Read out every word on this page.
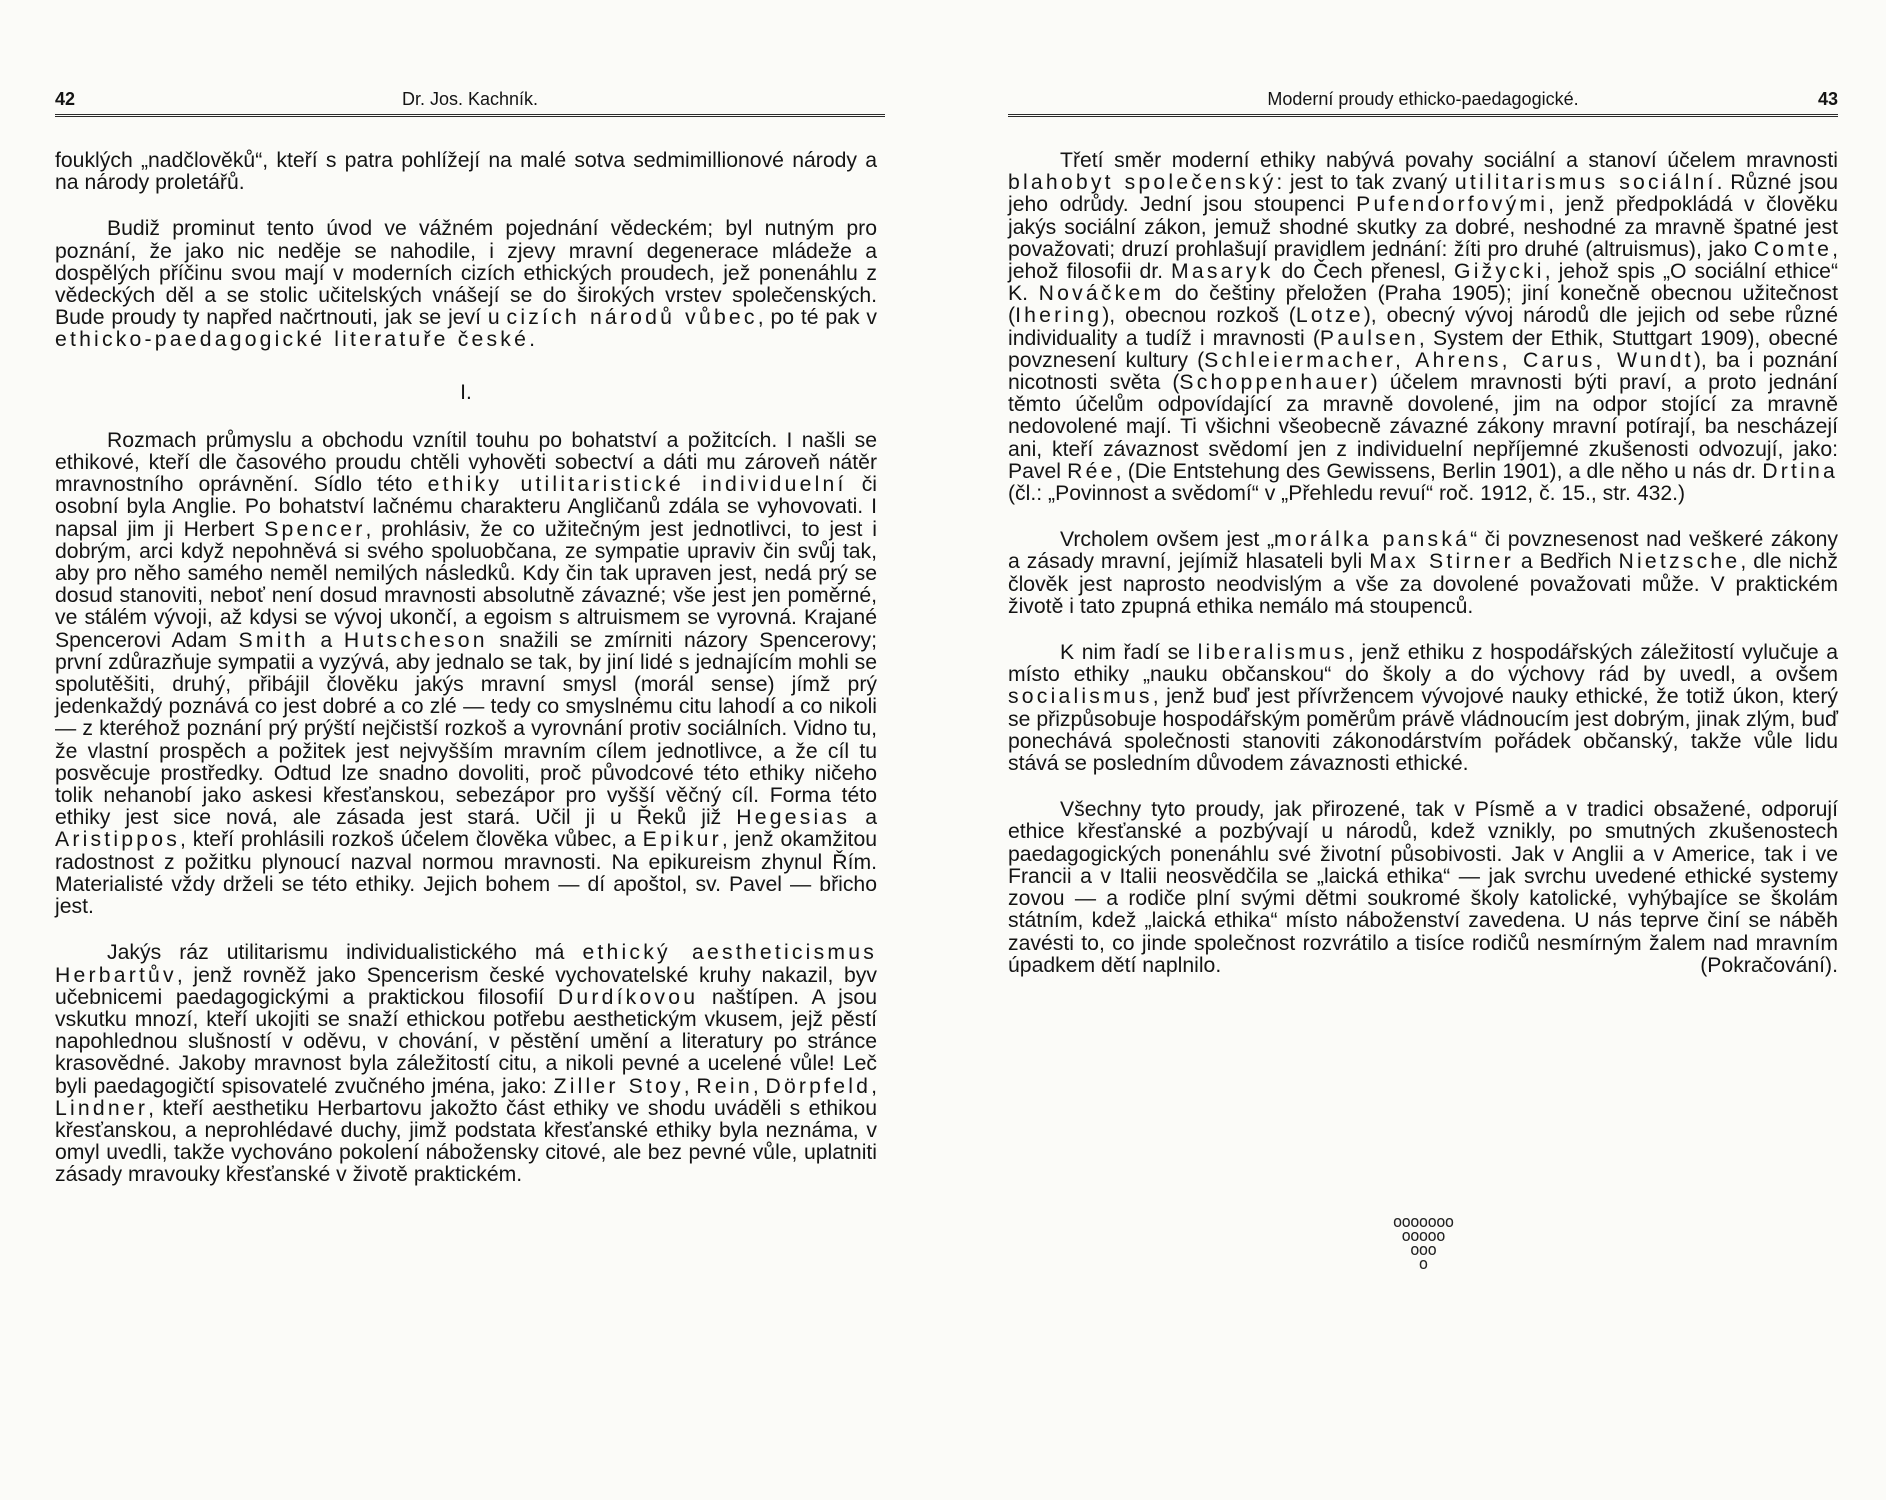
42	Dr. Jos. Kachník.

fouklých „nadčlověků“, kteří s patra pohlížejí na malé sotva sedmimillionové národy a na národy proletářů.

Budiž prominut tento úvod ve vážném pojednání vědeckém; byl nutným pro poznání, že jako nic neděje se nahodile, i zjevy mravní degenerace mládeže a dospělých příčinu svou mají v moderních cizích ethických proudech, jež ponenáhlu z vědeckých děl a se stolic učitelských vnášejí se do širokých vrstev společenských. Bude proudy ty napřed načrtnouti, jak se jeví u cizích národů vůbec, po té pak v ethicko-paedagogické literatuře české.

I.

Rozmach průmyslu a obchodu vznítil touhu po bohatství a požitcích. I našli se ethikové, kteří dle časového proudu chtěli vyhověti sobectví a dáti mu zároveň nátěr mravnostního oprávnění. Sídlo této ethiky utilitaristické individuelní či osobní byla Anglie. Po bohatství lačnému charakteru Angličanů zdála se vyhovovati. I napsal jim ji Herbert Spencer, prohlásiv, že co užitečným jest jednotlivci, to jest i dobrým, arci když nepohněvá si svého spoluobčana, ze sympatie upraviv čin svůj tak, aby pro něho samého neměl nemilých následků. Kdy čin tak upraven jest, nedá prý se dosud stanoviti, neboť není dosud mravnosti absolutně závazné; vše jest jen poměrné, ve stálém vývoji, až kdysi se vývoj ukončí, a egoism s altruismem se vyrovná. Krajané Spencerovi Adam Smith a Hutscheson snažili se zmírniti názory Spencerovy; první zdůrazňuje sympatii a vyzývá, aby jednalo se tak, by jiní lidé s jednajícím mohli se spolutěšiti, druhý, přibájil člověku jakýs mravní smysl (morál sense) jímž prý jedenkaždý poznává co jest dobré a co zlé — tedy co smyslnému citu lahodí a co nikoli — z kteréhož poznání prý prýští nejčistší rozkoš a vyrovnání protiv sociálních. Vidno tu, že vlastní prospěch a požitek jest nejvyšším mravním cílem jednotlivce, a že cíl tu posvěcuje prostředky. Odtud lze snadno dovoliti, proč původcové této ethiky ničeho tolik nehanobí jako askesi křesťanskou, sebezápor pro vyšší věčný cíl. Forma této ethiky jest sice nová, ale zásada jest stará. Učil ji u Řeků již Hegesias a Aristippos, kteří prohlásili rozkoš účelem člověka vůbec, a Epikur, jenž okamžitou radostnost z požitku plynoucí nazval normou mravnosti. Na epikureism zhynul Řím. Materialisté vždy drželi se této ethiky. Jejich bohem — dí apoštol, sv. Pavel — břicho jest.

Jakýs ráz utilitarismu individualistického má ethický aestheticismus Herbartův, jenž rovněž jako Spencerism české vychovatelské kruhy nakazil, byv učebnicemi paedagogickými a praktickou filosofií Durdíkovou naštípen. A jsou vskutku mnozí, kteří ukojiti se snaží ethickou potřebu aesthetickým vkusem, jejž pěstí napohlednou slušností v oděvu, v chování, v pěstění umění a literatury po stránce krasovědné. Jakoby mravnost byla záležitostí citu, a nikoli pevné a ucelené vůle! Leč byli paedagogičtí spisovatelé zvučného jména, jako: Ziller Stoy, Rein, Dörpfeld, Lindner, kteří aesthetiku Herbartovu jakožto část ethiky ve shodu uváděli s ethikou křesťanskou, a neprohlédavé duchy, jimž podstata křesťanské ethiky byla neznáma, v omyl uvedli, takže vychováno pokolení nábožensky citové, ale bez pevné vůle, uplatniti zásady mravouky křesťanské v životě praktickém.

Moderní proudy ethicko-paedagogické.	43

Třetí směr moderní ethiky nabývá povahy sociální a stanoví účelem mravnosti blahobyt společenský: jest to tak zvaný utilitarismus sociální. Různé jsou jeho odrůdy. Jední jsou stoupenci Pufendorfovými, jenž předpokládá v člověku jakýs sociální zákon, jemuž shodné skutky za dobré, neshodné za mravně špatné jest považovati; druzí prohlašují pravidlem jednání: žíti pro druhé (altruismus), jako Comte, jehož filosofii dr. Masaryk do Čech přenesl, Gižycki, jehož spis „O sociální ethice“ K. Nováčkem do češtiny přeložen (Praha 1905); jiní konečně obecnou užitečnost (Ihering), obecnou rozkoš (Lotze), obecný vývoj národů dle jejich od sebe různé individuality a tudíž i mravnosti (Paulsen, System der Ethik, Stuttgart 1909), obecné povznesení kultury (Schleiermacher, Ahrens, Carus, Wundt), ba i poznání nicotnosti světa (Schoppenhauer) účelem mravnosti býti praví, a proto jednání těmto účelům odpovídající za mravně dovolené, jim na odpor stojící za mravně nedovolené mají. Ti všichni všeobecně závazné zákony mravní potírají, ba nescházejí ani, kteří závaznost svědomí jen z individuelní nepříjemné zkušenosti odvozují, jako: Pavel Rée, (Die Entstehung des Gewissens, Berlin 1901), a dle něho u nás dr. Drtina (čl.: „Povinnost a svědomí“ v „Přehledu revuí“ roč. 1912, č. 15., str. 432.)

Vrcholem ovšem jest „morálka panská“ či povznesenost nad veškeré zákony a zásady mravní, jejímiž hlasateli byli Max Stirner a Bedřich Nietzsche, dle nichž člověk jest naprosto neodvislým a vše za dovolené považovati může. V praktickém životě i tato zpupná ethika nemálo má stoupenců.

K nim řadí se liberalismus, jenž ethiku z hospodářských záležitostí vylučuje a místo ethiky „nauku občanskou“ do školy a do výchovy rád by uvedl, a ovšem socialismus, jenž buď jest přívržencem vývojové nauky ethické, že totiž úkon, který se přizpůsobuje hospodářským poměrům právě vládnoucím jest dobrým, jinak zlým, buď ponechává společnosti stanoviti zákonodárstvím pořádek občanský, takže vůle lidu stává se posledním důvodem závaznosti ethické.

Všechny tyto proudy, jak přirozené, tak v Písmě a v tradici obsažené, odporují ethice křesťanské a pozbývají u národů, kdež vznikly, po smutných zkušenostech paedagogických ponenáhlu své životní působivosti. Jak v Anglii a v Americe, tak i ve Francii a v Italii neosvědčila se „laická ethika“ — jak svrchu uvedené ethické systemy zovou — a rodiče plní svými dětmi soukromé školy katolické, vyhýbajíce se školám státním, kdež „laická ethika“ místo náboženství zavedena. U nás teprve činí se náběh zavésti to, co jinde společnost rozvrátilo a tisíce rodičů nesmírným žalem nad mravním úpadkem dětí naplnilo.	(Pokračování).

ooooooo
ooooo
ooo
o
